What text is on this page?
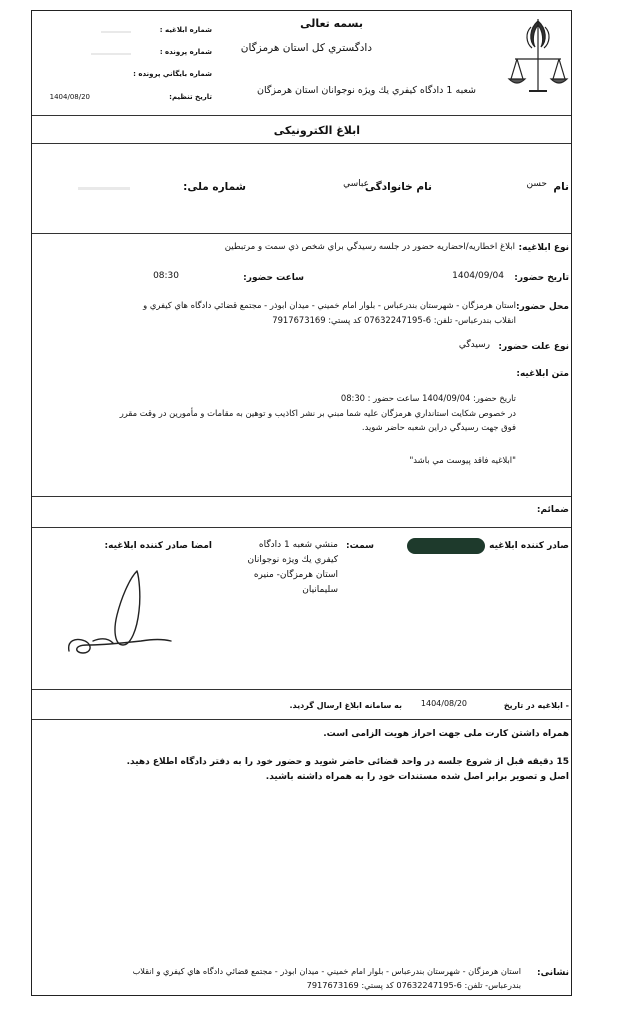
بسمه تعالی
دادگستري كل استان هرمزگان
شعبه 1 دادگاه كيفري يك ويژه نوجوانان استان هرمزگان
شماره ابلاغيه :
شماره پرونده :
شماره بايگاني پرونده :
تاريخ تنظيم:
1404/08/20
ابلاغ الكترونيكی
نام
حسن
نام خانوادگی
عباسي
شماره ملی:
نوع ابلاغيه:
ابلاغ اخطاريه/احضاريه حضور در جلسه رسيدگي براي شخص ذي سمت و مرتبطين
تاريخ حضور:
1404/09/04
ساعت حضور:
08:30
محل حضور:
استان هرمزگان - شهرستان بندرعباس - بلوار امام خميني - ميدان ابوذر - مجتمع قضائي دادگاه هاي كيفري و
انقلاب بندرعباس- تلفن: 6-07632247195 كد پستي: 7917673169
نوع علت حضور:
رسيدگي
متن ابلاغيه:
تاريخ حضور: 1404/09/04 ساعت حضور : 08:30
در خصوص شكايت استانداري هرمزگان عليه شما مبني بر نشر اكاذيب و توهين به مقامات و مأمورين در وقت مقرر
فوق جهت رسيدگي دراين شعبه حاضر شويد.
"ابلاغيه فاقد پيوست مي باشد"
ضمائم:
صادر كننده ابلاغيه
سمت:
منشي شعبه 1 دادگاه
كيفري يك ويژه نوجوانان
استان هرمزگان- منيره
سليمانيان
امضا صادر كننده ابلاغيه:
- ابلاغيه در تاريخ
1404/08/20
به سامانه ابلاغ ارسال گرديد.
همراه داشتن كارت ملی جهت احراز هويت الزامی است.
15 دقيقه قبل از شروع جلسه در واحد قضائی حاضر شويد و حضور خود را به دفتر دادگاه اطلاع دهيد.
اصل و تصوير برابر اصل شده مستندات خود را به همراه داشته باشيد.
نشانی:
استان هرمزگان - شهرستان بندرعباس - بلوار امام خميني - ميدان ابوذر - مجتمع قضائي دادگاه هاي كيفري و انقلاب
بندرعباس- تلفن: 6-07632247195 كد پستي: 7917673169
